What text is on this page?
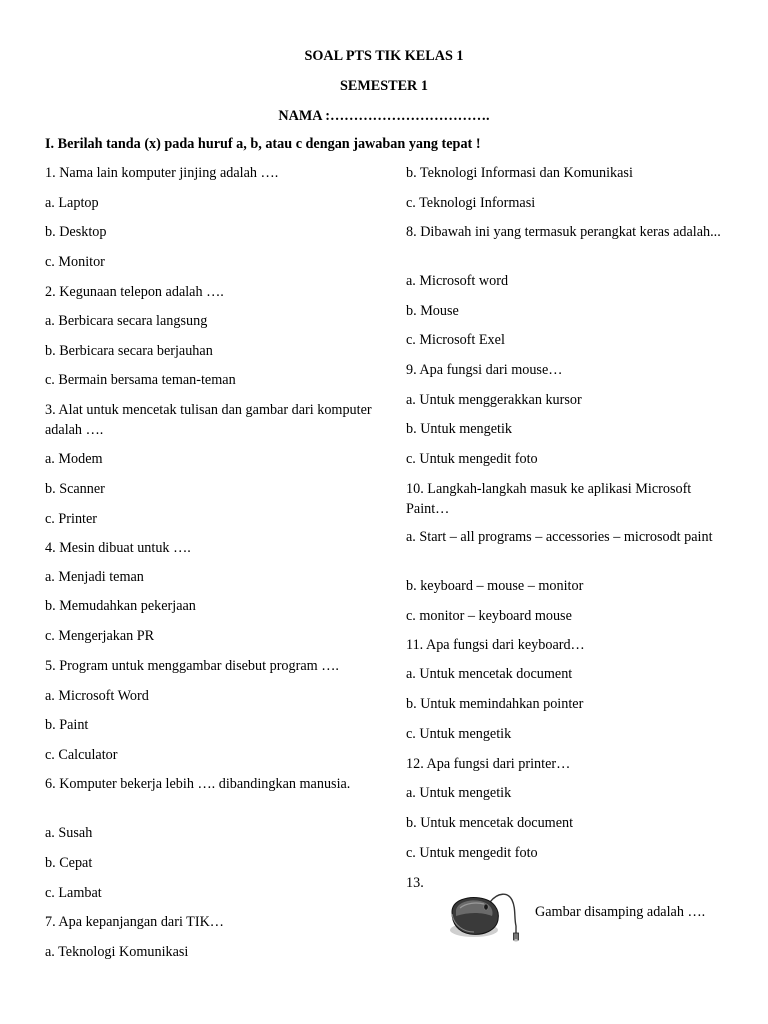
SOAL PTS TIK KELAS 1
SEMESTER 1
NAMA :…………………………….
I. Berilah tanda (x) pada huruf a, b, atau c dengan jawaban yang tepat !
1. Nama lain komputer jinjing adalah ….
a. Laptop
b. Desktop
c. Monitor
2. Kegunaan telepon adalah ….
a. Berbicara secara langsung
b. Berbicara secara berjauhan
c. Bermain bersama teman-teman
3. Alat untuk mencetak tulisan dan gambar dari komputer adalah ….
a. Modem
b. Scanner
c. Printer
4. Mesin dibuat untuk ….
a. Menjadi teman
b. Memudahkan pekerjaan
c. Mengerjakan PR
5. Program untuk menggambar disebut program ….
a. Microsoft Word
b. Paint
c. Calculator
6. Komputer bekerja lebih …. dibandingkan manusia.
a. Susah
b. Cepat
c. Lambat
7. Apa kepanjangan dari TIK…
a. Teknologi Komunikasi
b. Teknologi Informasi dan Komunikasi
c. Teknologi Informasi
8. Dibawah ini yang termasuk perangkat keras adalah...
a. Microsoft word
b. Mouse
c. Microsoft Exel
9. Apa fungsi dari mouse…
a. Untuk menggerakkan kursor
b. Untuk mengetik
c. Untuk mengedit foto
10. Langkah-langkah masuk ke aplikasi Microsoft Paint…
a. Start – all programs – accessories – microsodt paint
b. keyboard – mouse – monitor
c. monitor – keyboard mouse
11. Apa fungsi dari keyboard…
a. Untuk mencetak document
b. Untuk memindahkan pointer
c. Untuk mengetik
12. Apa fungsi dari printer…
a. Untuk mengetik
b. Untuk mencetak document
c. Untuk mengedit foto
13.
Gambar disamping adalah ….
